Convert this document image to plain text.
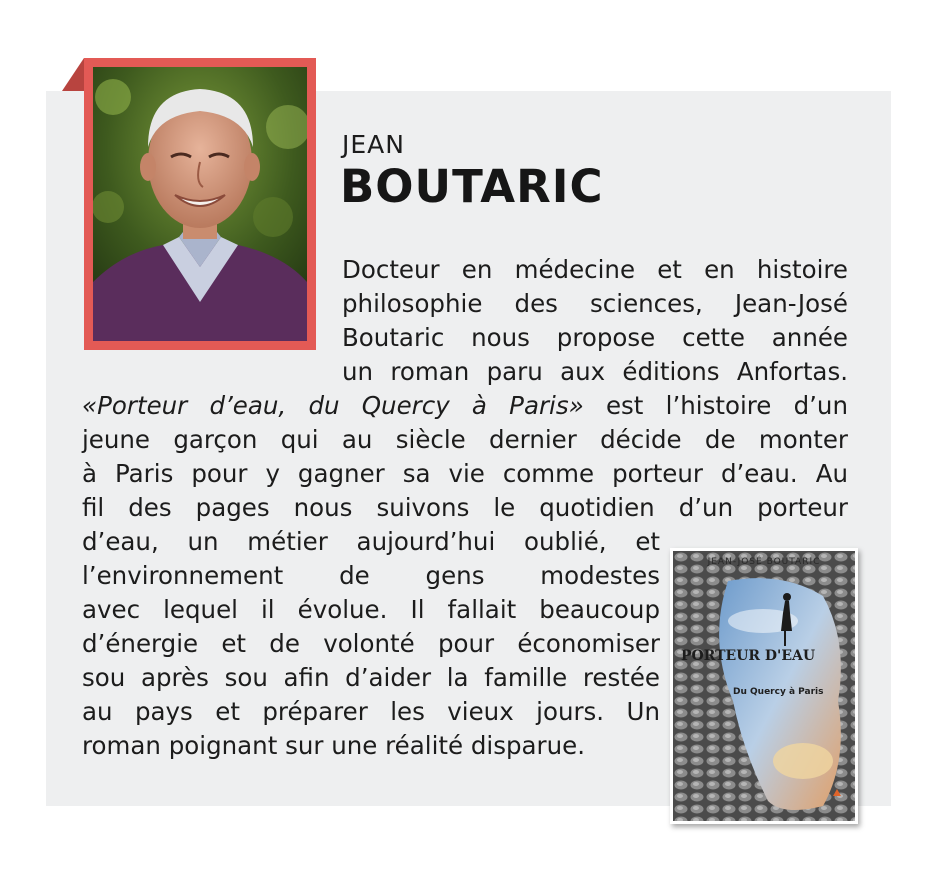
JEAN
BOUTARIC
Docteur en médecine et en histoire
philosophie des sciences, Jean-José
Boutaric nous propose cette année
un roman paru aux éditions Anfortas.
«Porteur d’eau, du Quercy à Paris» est l’histoire d’un
jeune garçon qui au siècle dernier décide de monter
à Paris pour y gagner sa vie comme porteur d’eau. Au
fil des pages nous suivons le quotidien d’un porteur
d’eau, un métier aujourd’hui oublié, et
l’environnement de gens modestes
avec lequel il évolue. Il fallait beaucoup
d’énergie et de volonté pour économiser
sou après sou afin d’aider la famille restée
au pays et préparer les vieux jours. Un
roman poignant sur une réalité disparue.
JEAN-JOSÉ BOUTARIC
PORTEUR D'EAU
Du Quercy à Paris
